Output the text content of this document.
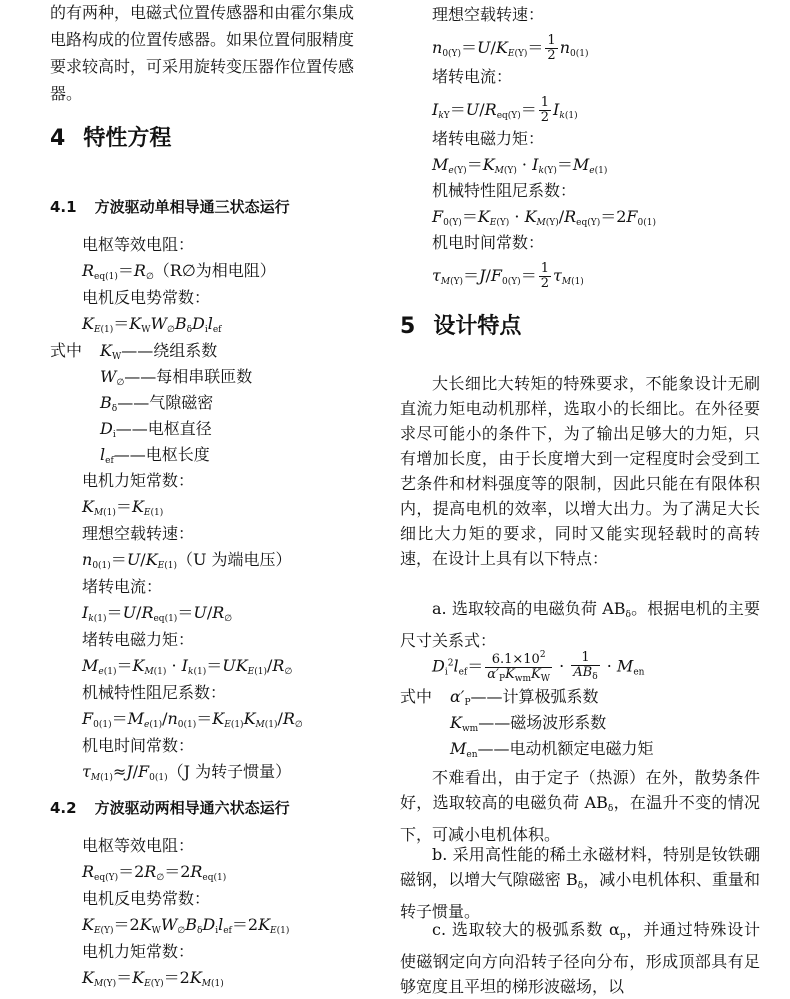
的有两种，电磁式位置传感器和由霍尔集成
电路构成的位置传感器。如果位置伺服精度
要求较高时，可采用旋转变压器作位置传感
器。
4 特性方程
4.1 方波驱动单相导通三状态运行
电枢等效电阻：
$R_{eq(1)}=R_\emptyset(R\emptyset$为相电阻）
电机反电势常数：
$K_{E(1)}=K_WW_\emptyset B_\delta D_il_{ef}$
式中 $K_W——$绕组系数
$W_\emptyset——$每相串联匝数
$B_\delta——$气隙磁密
$D_i——$电枢直径
$l_{ef}——$电枢长度
电机力矩常数：
$K_{M(1)}=K_{E(1)}$
理想空载转速：
$n_{0(1)}=U/K_{E(1)}(U$ 为端电压）
堵转电流：
$I_{k(1)}=U/R_{eq(1)}=U/R_\emptyset$
堵转电磁力矩：
$M_{e(1)}=K_{M(1)} \cdot I_{k(1)}=UK_{E(1)}/R_\emptyset$
机械特性阻尼系数：
$F_{0(1)}=M_{e(1)}/n_{0(1)}=K_{E(1)}K_{M(1)}/R_\emptyset$
机电时间常数：
$\tau_{M(1)}\approx J/F_{0(1)}(J$ 为转子惯量）
4.2 方波驱动两相导通六状态运行
电枢等效电阻：
$R_{eq(Y)}=2R_\emptyset=2R_{eq(1)}$
电机反电势常数：
$K_{E(Y)}=2K_WW_\emptyset B_\delta D_il_{ef}=2K_{E(1)}$
电机力矩常数：
$K_{M(Y)}=K_{E(Y)}=2K_{M(1)}$
理想空载转速：
$n_{0(Y)}=U/K_{E(Y)}= \frac{1}{2} n_{0(1)}$
堵转电流：
$I_{kY}=U/R_{eq(Y)}= \frac{1}{2} I_{k(1)}$
堵转电磁力矩：
$M_{e(Y)}=K_{M(Y)} \cdot I_{k(Y)}=M_{e(1)}$
机械特性阻尼系数：
$F_{0(Y)}=K_{E(Y)} \cdot K_{M(Y)}/R_{eq(Y)}=2F_{0(1)}$
机电时间常数：
$\tau_{M(Y)}=J/F_{0(Y)}= \frac{1}{2} \tau_{M(1)}$
5 设计特点
大长细比大转矩的特殊要求，不能象设计无刷直流力矩电动机那样，选取小的长细比。在外径要求尽可能小的条件下，为了输出足够大的力矩，只有增加长度，由于长度增大到一定程度时会受到工艺条件和材料强度等的限制，因此只能在有限体积内，提高电机的效率，以增大出力。为了满足大长细比大力矩的要求，同时又能实现轻载时的高转速，在设计上具有以下特点：
a. 选取较高的电磁负荷 $AB_\delta$。根据电机的主要尺寸关系式：
$D_i^2l_{ef}= \frac{6.1\times 10^2}{\alpha'_PK_{wm}K_W} \cdot \frac{1}{AB_\delta} \cdot M_{en}$
式中 $\alpha'_P——$计算极弧系数
$K_{wm}——$磁场波形系数
$M_{en}——$电动机额定电磁力矩
不难看出，由于定子（热源）在外，散势条件好，选取较高的电磁负荷 $AB_\delta$，在温升不变的情况下，可减小电机体积。
b. 采用高性能的稀土永磁材料，特别是钕铁硼磁钢，以增大气隙磁密 $B_\delta$，减小电机体积、重量和转子惯量。
c. 选取较大的极弧系数 $\alpha_p$，并通过特殊设计使磁钢定向方向沿转子径向分布，形成顶部具有足够宽度且平坦的梯形波磁场，以
